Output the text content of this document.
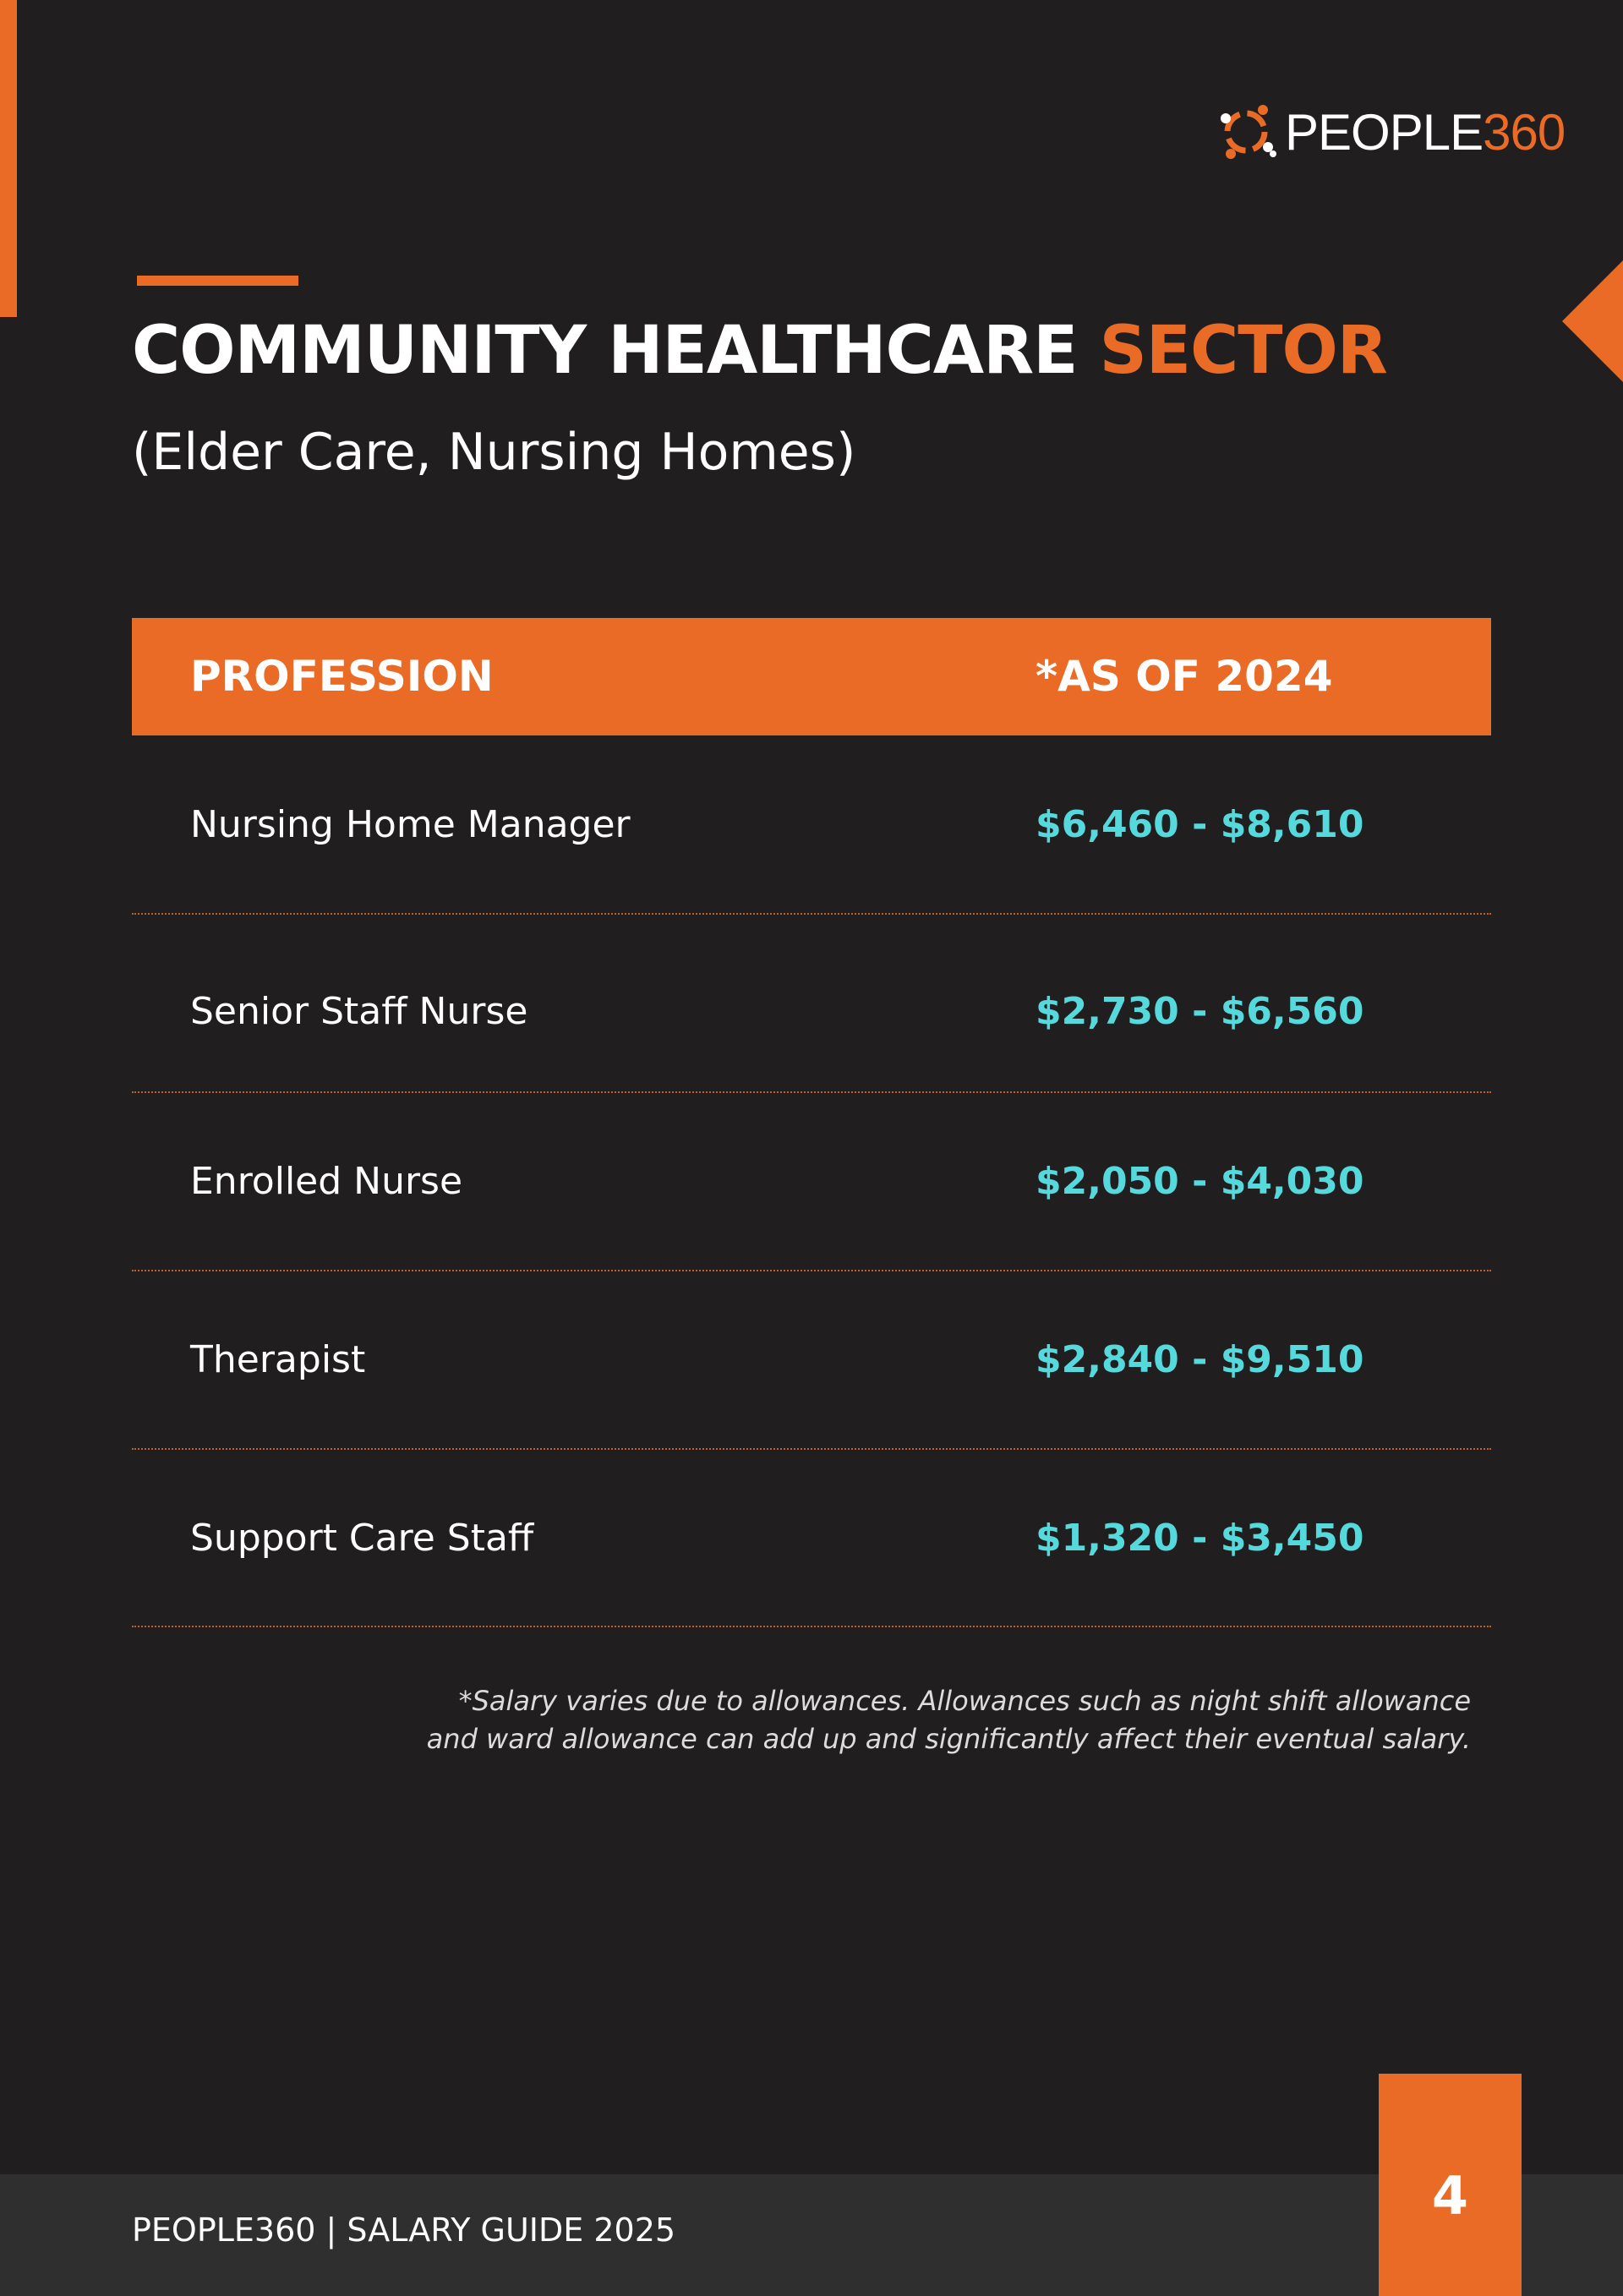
PEOPLE360
COMMUNITY HEALTHCARE SECTOR
(Elder Care, Nursing Homes)
PROFESSION	*AS OF 2024
Nursing Home Manager	$6,460 - $8,610
Senior Staff Nurse	$2,730 - $6,560
Enrolled Nurse	$2,050 - $4,030
Therapist	$2,840 - $9,510
Support Care Staff	$1,320 - $3,450

*Salary varies due to allowances. Allowances such as night shift allowance
and ward allowance can add up and significantly affect their eventual salary.

PEOPLE360 | SALARY GUIDE 2025
4
